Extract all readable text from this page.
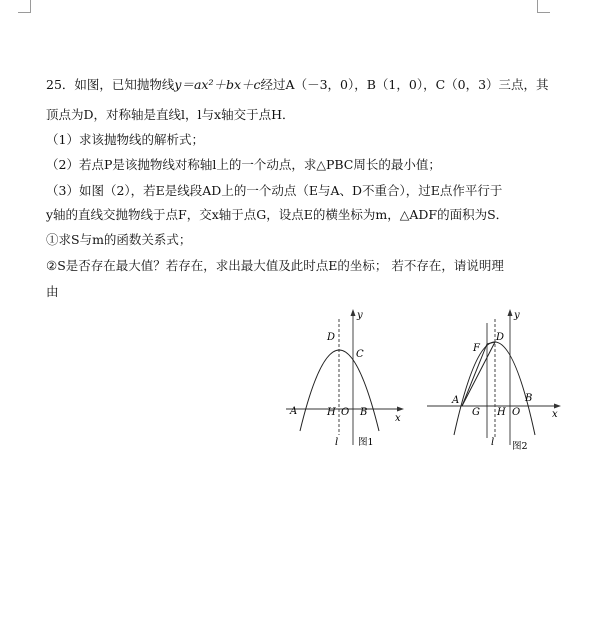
25．如图，已知抛物线y＝ax²＋bx＋c经过A（－3，0），B（1，0），C（0，3）三点，其
顶点为D，对称轴是直线l，l与x轴交于点H．
（1）求该抛物线的解析式；
（2）若点P是该抛物线对称轴l上的一个动点，求△PBC周长的最小值；
（3）如图（2），若E是线段AD上的一个动点（E与A、D不重合），过E点作平行于
y轴的直线交抛物线于点F，交x轴于点G，设点E的横坐标为m，△ADF的面积为S．
①求S与m的函数关系式；
②S是否存在最大值？若存在，求出最大值及此时点E的坐标； 若不存在，请说明理
由
D
C
A	H O B
x
y
l 图1
F
D
A
G H O
B
x
y
l 图2
